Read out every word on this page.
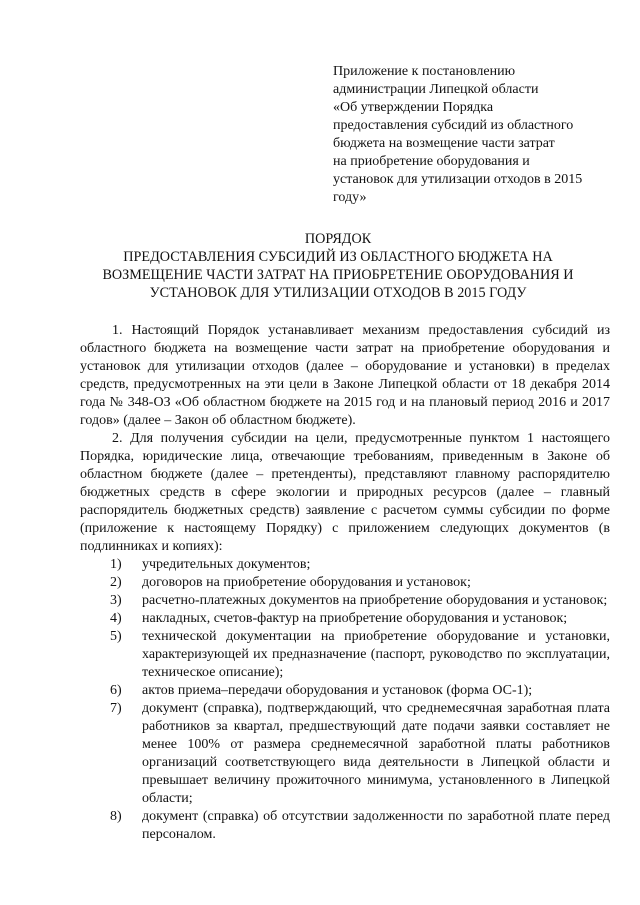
Приложение к постановлению
администрации Липецкой области
«Об утверждении Порядка
предоставления субсидий из областного
бюджета на возмещение части затрат
на приобретение оборудования и
установок для утилизации отходов в 2015
году»
ПОРЯДОК
ПРЕДОСТАВЛЕНИЯ СУБСИДИЙ ИЗ ОБЛАСТНОГО БЮДЖЕТА НА
ВОЗМЕЩЕНИЕ ЧАСТИ ЗАТРАТ НА ПРИОБРЕТЕНИЕ ОБОРУДОВАНИЯ И
УСТАНОВОК ДЛЯ УТИЛИЗАЦИИ ОТХОДОВ В 2015 ГОДУ

1. Настоящий Порядок устанавливает механизм предоставления субсидий из областного бюджета на возмещение части затрат на приобретение оборудования и установок для утилизации отходов (далее – оборудование и установки) в пределах средств, предусмотренных на эти цели в Законе Липецкой области от 18 декабря 2014 года № 348-ОЗ «Об областном бюджете на 2015 год и на плановый период 2016 и 2017 годов» (далее – Закон об областном бюджете).

2. Для получения субсидии на цели, предусмотренные пунктом 1 настоящего Порядка, юридические лица, отвечающие требованиям, приведенным в Законе об областном бюджете (далее – претенденты), представляют главному распорядителю бюджетных средств в сфере экологии и природных ресурсов (далее – главный распорядитель бюджетных средств) заявление с расчетом суммы субсидии по форме (приложение к настоящему Порядку) с приложением следующих документов (в подлинниках и копиях):

1)	учредительных документов;
2)	договоров на приобретение оборудования и установок;
3)	расчетно-платежных документов на приобретение оборудования и установок;
4)	накладных, счетов-фактур на приобретение оборудования и установок;
5)	технической документации на приобретение оборудование и установки, характеризующей их предназначение (паспорт, руководство по эксплуатации, техническое описание);
6)	актов приема–передачи оборудования и установок (форма ОС-1);
7)	документ (справка), подтверждающий, что среднемесячная заработная плата работников за квартал, предшествующий дате подачи заявки составляет не менее 100% от размера среднемесячной заработной платы работников организаций соответствующего вида деятельности в Липецкой области и превышает величину прожиточного минимума, установленного в Липецкой области;
8)	документ (справка) об отсутствии задолженности по заработной плате перед персоналом.
